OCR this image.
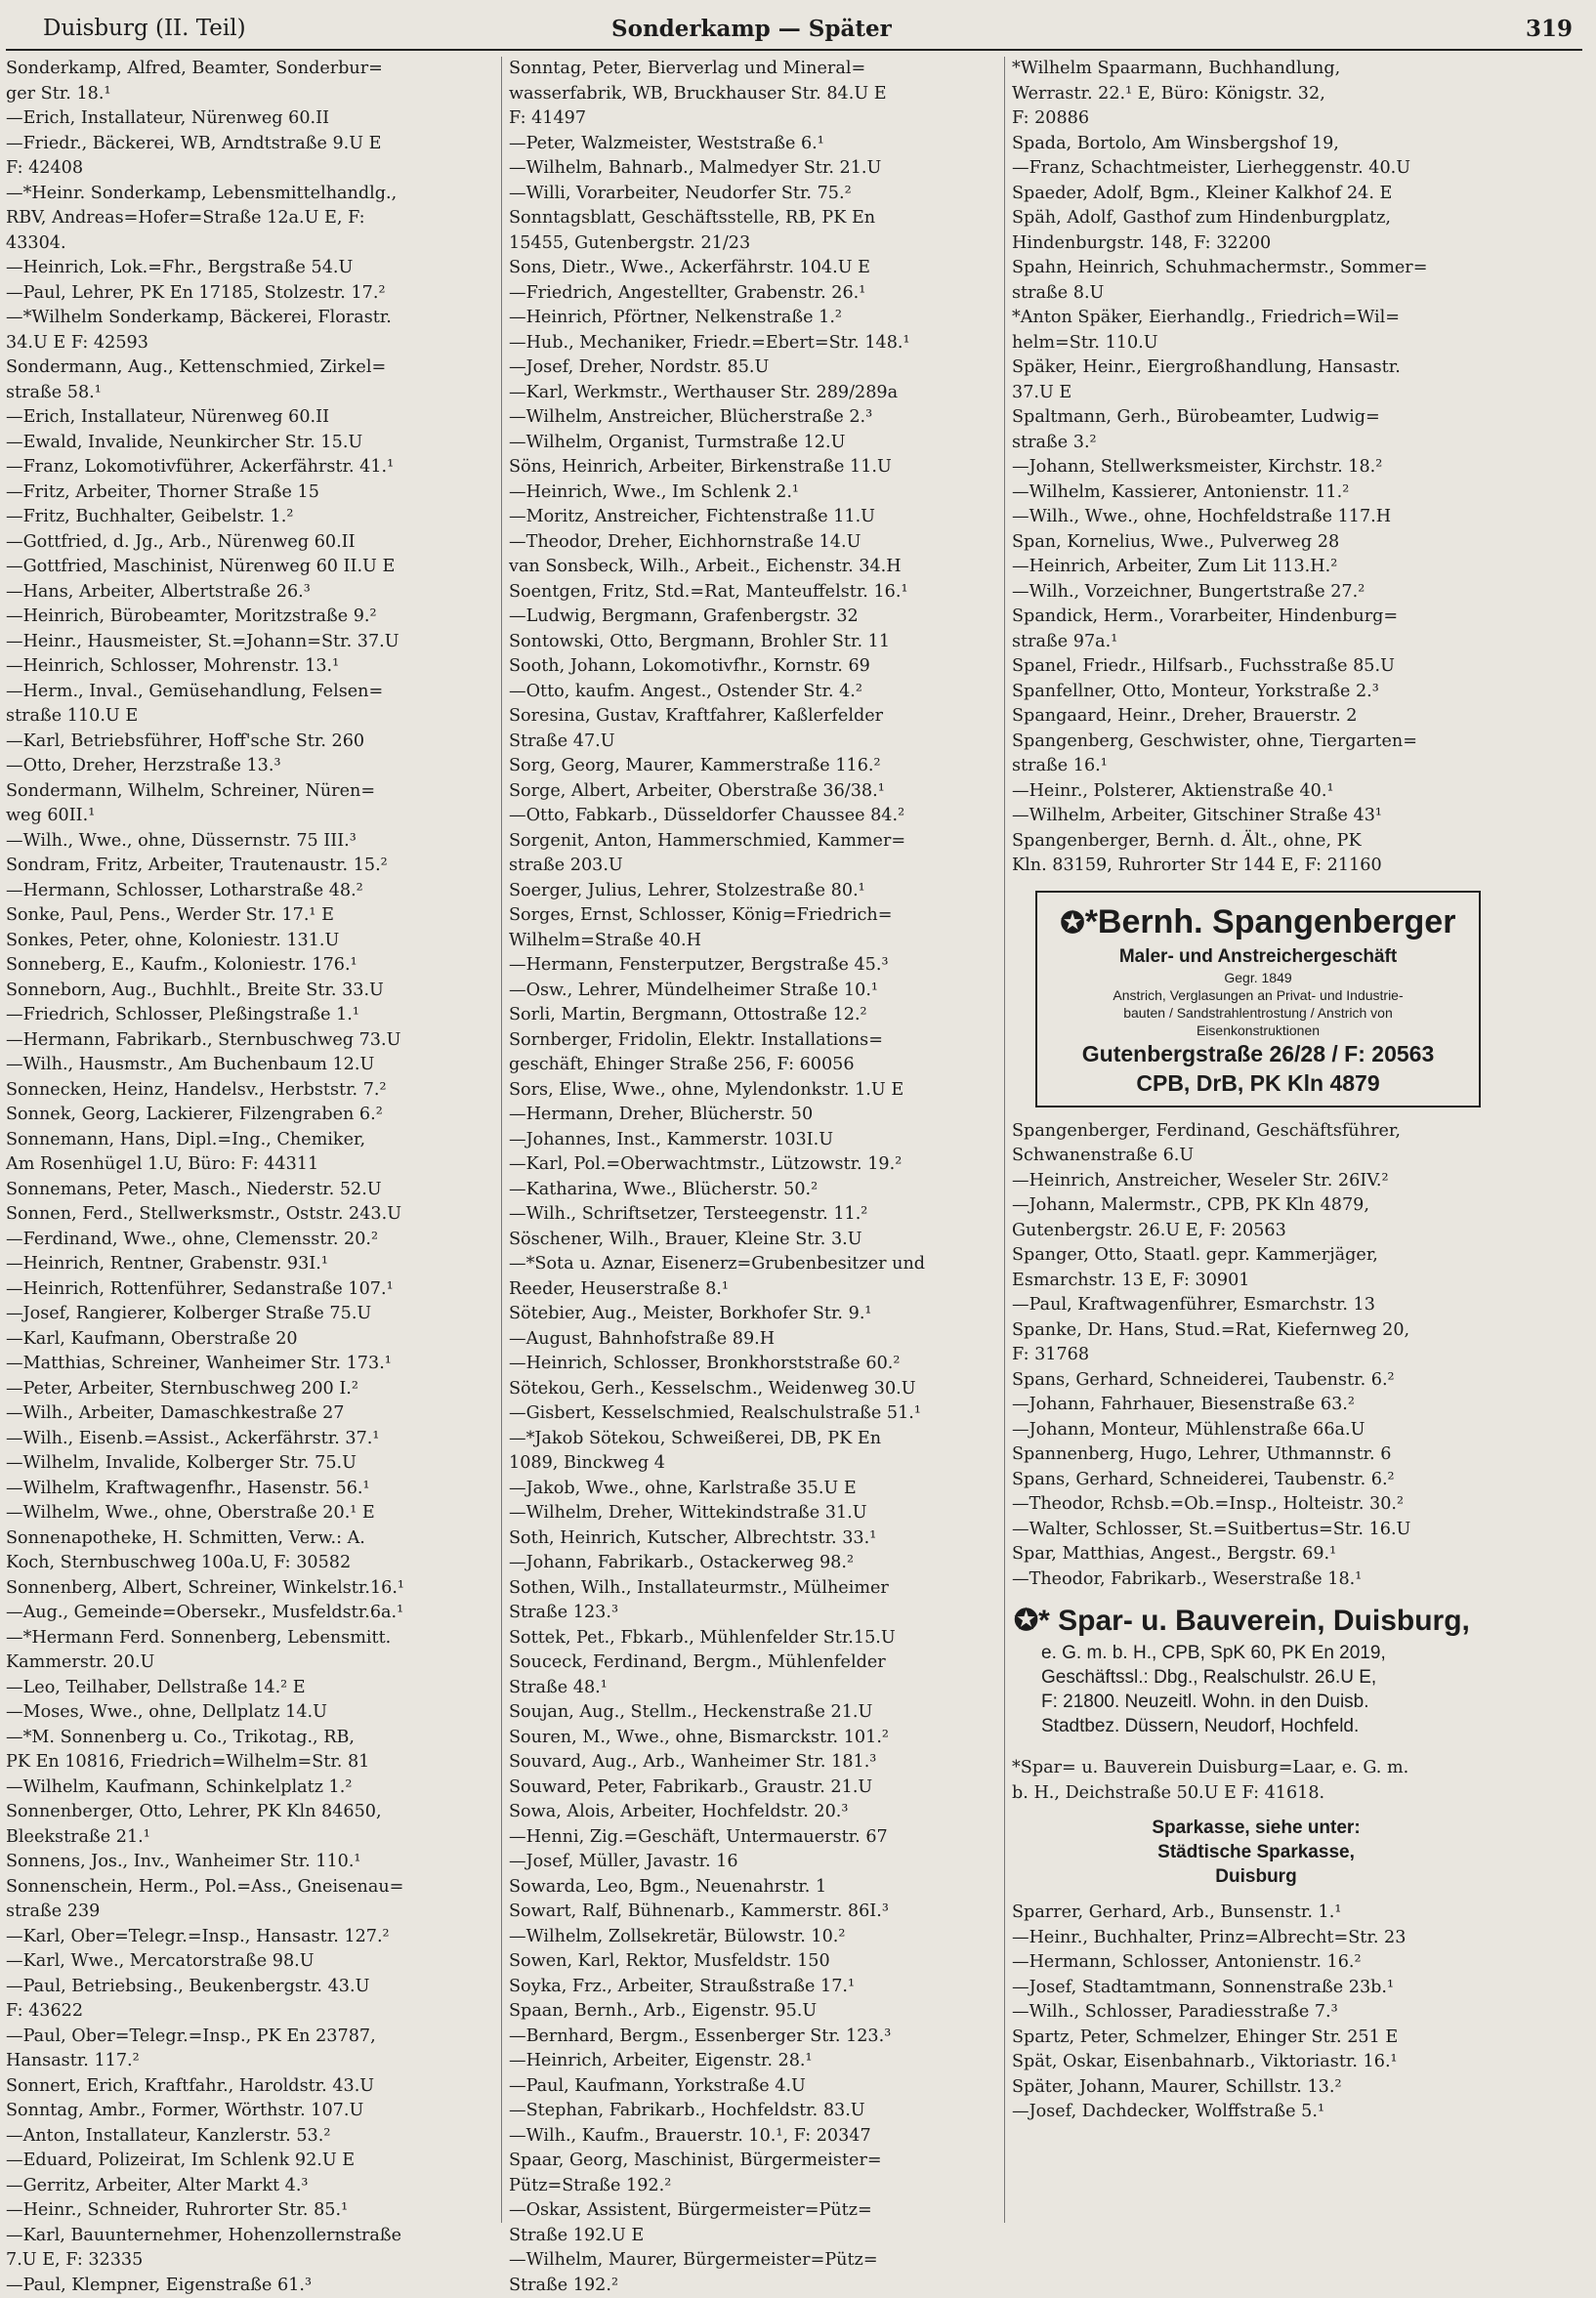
Duisburg (II. Teil)	Sonderkamp — Später	319
Sonderkamp, Alfred, Beamter, Sonderbur=
ger Str. 18.¹
—Erich, Installateur, Nürenweg 60.II
—Friedr., Bäckerei, WB, Arndtstraße 9.U E
F: 42408
—*Heinr. Sonderkamp, Lebensmittelhandlg.,
RBV, Andreas=Hofer=Straße 12a.U E, F:
43304.
—Heinrich, Lok.=Fhr., Bergstraße 54.U
—Paul, Lehrer, PK En 17185, Stolzestr. 17.²
—*Wilhelm Sonderkamp, Bäckerei, Florastr.
34.U E F: 42593
Sondermann, Aug., Kettenschmied, Zirkel=
straße 58.¹
—Erich, Installateur, Nürenweg 60.II
—Ewald, Invalide, Neunkircher Str. 15.U
—Franz, Lokomotivführer, Ackerfährstr. 41.¹
—Fritz, Arbeiter, Thorner Straße 15
—Fritz, Buchhalter, Geibelstr. 1.²
—Gottfried, d. Jg., Arb., Nürenweg 60.II
—Gottfried, Maschinist, Nürenweg 60 II.U E
—Hans, Arbeiter, Albertstraße 26.³
—Heinrich, Bürobeamter, Moritzstraße 9.²
—Heinr., Hausmeister, St.=Johann=Str. 37.U
—Heinrich, Schlosser, Mohrenstr. 13.¹
—Herm., Inval., Gemüsehandlung, Felsen=
straße 110.U E
—Karl, Betriebsführer, Hoff'sche Str. 260
—Otto, Dreher, Herzstraße 13.³
Sondermann, Wilhelm, Schreiner, Nüren=
weg 60II.¹
—Wilh., Wwe., ohne, Düssernstr. 75 III.³
Sondram, Fritz, Arbeiter, Trautenaustr. 15.²
—Hermann, Schlosser, Lotharstraße 48.²
Sonke, Paul, Pens., Werder Str. 17.¹ E
Sonkes, Peter, ohne, Koloniestr. 131.U
Sonneberg, E., Kaufm., Koloniestr. 176.¹
Sonneborn, Aug., Buchhlt., Breite Str. 33.U
—Friedrich, Schlosser, Pleßingstraße 1.¹
—Hermann, Fabrikarb., Sternbuschweg 73.U
—Wilh., Hausmstr., Am Buchenbaum 12.U
Sonnecken, Heinz, Handelsv., Herbststr. 7.²
Sonnek, Georg, Lackierer, Filzengraben 6.²
Sonnemann, Hans, Dipl.=Ing., Chemiker,
Am Rosenhügel 1.U, Büro: F: 44311
Sonnemans, Peter, Masch., Niederstr. 52.U
Sonnen, Ferd., Stellwerksmstr., Oststr. 243.U
—Ferdinand, Wwe., ohne, Clemensstr. 20.²
—Heinrich, Rentner, Grabenstr. 93I.¹
—Heinrich, Rottenführer, Sedanstraße 107.¹
—Josef, Rangierer, Kolberger Straße 75.U
—Karl, Kaufmann, Oberstraße 20
—Matthias, Schreiner, Wanheimer Str. 173.¹
—Peter, Arbeiter, Sternbuschweg 200 I.²
—Wilh., Arbeiter, Damaschkestraße 27
—Wilh., Eisenb.=Assist., Ackerfährstr. 37.¹
—Wilhelm, Invalide, Kolberger Str. 75.U
—Wilhelm, Kraftwagenfhr., Hasenstr. 56.¹
—Wilhelm, Wwe., ohne, Oberstraße 20.¹ E
Sonnenapotheke, H. Schmitten, Verw.: A.
Koch, Sternbuschweg 100a.U, F: 30582
Sonnenberg, Albert, Schreiner, Winkelstr.16.¹
—Aug., Gemeinde=Obersekr., Musfeldstr.6a.¹
—*Hermann Ferd. Sonnenberg, Lebensmitt.
Kammerstr. 20.U
—Leo, Teilhaber, Dellstraße 14.² E
—Moses, Wwe., ohne, Dellplatz 14.U
—*M. Sonnenberg u. Co., Trikotag., RB,
PK En 10816, Friedrich=Wilhelm=Str. 81
—Wilhelm, Kaufmann, Schinkelplatz 1.²
Sonnenberger, Otto, Lehrer, PK Kln 84650,
Bleekstraße 21.¹
Sonnens, Jos., Inv., Wanheimer Str. 110.¹
Sonnenschein, Herm., Pol.=Ass., Gneisenau=
straße 239
—Karl, Ober=Telegr.=Insp., Hansastr. 127.²
—Karl, Wwe., Mercatorstraße 98.U
—Paul, Betriebsing., Beukenbergstr. 43.U
F: 43622
—Paul, Ober=Telegr.=Insp., PK En 23787,
Hansastr. 117.²
Sonnert, Erich, Kraftfahr., Haroldstr. 43.U
Sonntag, Ambr., Former, Wörthstr. 107.U
—Anton, Installateur, Kanzlerstr. 53.²
—Eduard, Polizeirat, Im Schlenk 92.U E
—Gerritz, Arbeiter, Alter Markt 4.³
—Heinr., Schneider, Ruhrorter Str. 85.¹
—Karl, Bauunternehmer, Hohenzollernstraße
7.U E, F: 32335
—Paul, Klempner, Eigenstraße 61.³
Sonntag, Peter, Bierverlag und Mineral=
wasserfabrik, WB, Bruckhauser Str. 84.U E
F: 41497
—Peter, Walzmeister, Weststraße 6.¹
—Wilhelm, Bahnarb., Malmedyer Str. 21.U
—Willi, Vorarbeiter, Neudorfer Str. 75.²
Sonntagsblatt, Geschäftsstelle, RB, PK En
15455, Gutenbergstr. 21/23
Sons, Dietr., Wwe., Ackerfährstr. 104.U E
—Friedrich, Angestellter, Grabenstr. 26.¹
—Heinrich, Pförtner, Nelkenstraße 1.²
—Hub., Mechaniker, Friedr.=Ebert=Str. 148.¹
—Josef, Dreher, Nordstr. 85.U
—Karl, Werkmstr., Werthauser Str. 289/289a
—Wilhelm, Anstreicher, Blücherstraße 2.³
—Wilhelm, Organist, Turmstraße 12.U
Söns, Heinrich, Arbeiter, Birkenstraße 11.U
—Heinrich, Wwe., Im Schlenk 2.¹
—Moritz, Anstreicher, Fichtenstraße 11.U
—Theodor, Dreher, Eichhornstraße 14.U
van Sonsbeck, Wilh., Arbeit., Eichenstr. 34.H
Soentgen, Fritz, Std.=Rat, Manteuffelstr. 16.¹
—Ludwig, Bergmann, Grafenbergstr. 32
Sontowski, Otto, Bergmann, Brohler Str. 11
Sooth, Johann, Lokomotivfhr., Kornstr. 69
—Otto, kaufm. Angest., Ostender Str. 4.²
Soresina, Gustav, Kraftfahrer, Kaßlerfelder
Straße 47.U
Sorg, Georg, Maurer, Kammerstraße 116.²
Sorge, Albert, Arbeiter, Oberstraße 36/38.¹
—Otto, Fabkarb., Düsseldorfer Chaussee 84.²
Sorgenit, Anton, Hammerschmied, Kammer=
straße 203.U
Soerger, Julius, Lehrer, Stolzestraße 80.¹
Sorges, Ernst, Schlosser, König=Friedrich=
Wilhelm=Straße 40.H
—Hermann, Fensterputzer, Bergstraße 45.³
—Osw., Lehrer, Mündelheimer Straße 10.¹
Sorli, Martin, Bergmann, Ottostraße 12.²
Sornberger, Fridolin, Elektr. Installations=
geschäft, Ehinger Straße 256, F: 60056
Sors, Elise, Wwe., ohne, Mylendonkstr. 1.U E
—Hermann, Dreher, Blücherstr. 50
—Johannes, Inst., Kammerstr. 103I.U
—Karl, Pol.=Oberwachtmstr., Lützowstr. 19.²
—Katharina, Wwe., Blücherstr. 50.²
—Wilh., Schriftsetzer, Tersteegenstr. 11.²
Söschener, Wilh., Brauer, Kleine Str. 3.U
—*Sota u. Aznar, Eisenerz=Grubenbesitzer und
Reeder, Heuserstraße 8.¹
Sötebier, Aug., Meister, Borkhofer Str. 9.¹
—August, Bahnhofstraße 89.H
—Heinrich, Schlosser, Bronkhorststraße 60.²
Sötekou, Gerh., Kesselschm., Weidenweg 30.U
—Gisbert, Kesselschmied, Realschulstraße 51.¹
—*Jakob Sötekou, Schweißerei, DB, PK En
1089, Binckweg 4
—Jakob, Wwe., ohne, Karlstraße 35.U E
—Wilhelm, Dreher, Wittekindstraße 31.U
Soth, Heinrich, Kutscher, Albrechtstr. 33.¹
—Johann, Fabrikarb., Ostackerweg 98.²
Sothen, Wilh., Installateurmstr., Mülheimer
Straße 123.³
Sottek, Pet., Fbkarb., Mühlenfelder Str.15.U
Souceck, Ferdinand, Bergm., Mühlenfelder
Straße 48.¹
Soujan, Aug., Stellm., Heckenstraße 21.U
Souren, M., Wwe., ohne, Bismarckstr. 101.²
Souvard, Aug., Arb., Wanheimer Str. 181.³
Souward, Peter, Fabrikarb., Graustr. 21.U
Sowa, Alois, Arbeiter, Hochfeldstr. 20.³
—Henni, Zig.=Geschäft, Untermauerstr. 67
—Josef, Müller, Javastr. 16
Sowarda, Leo, Bgm., Neuenahrstr. 1
Sowart, Ralf, Bühnenarb., Kammerstr. 86I.³
—Wilhelm, Zollsekretär, Bülowstr. 10.²
Sowen, Karl, Rektor, Musfeldstr. 150
Soyka, Frz., Arbeiter, Straußstraße 17.¹
Spaan, Bernh., Arb., Eigenstr. 95.U
—Bernhard, Bergm., Essenberger Str. 123.³
—Heinrich, Arbeiter, Eigenstr. 28.¹
—Paul, Kaufmann, Yorkstraße 4.U
—Stephan, Fabrikarb., Hochfeldstr. 83.U
—Wilh., Kaufm., Brauerstr. 10.¹, F: 20347
Spaar, Georg, Maschinist, Bürgermeister=
Pütz=Straße 192.²
—Oskar, Assistent, Bürgermeister=Pütz=
Straße 192.U E
—Wilhelm, Maurer, Bürgermeister=Pütz=
Straße 192.²
*Wilhelm Spaarmann, Buchhandlung,
Werrastr. 22.¹ E, Büro: Königstr. 32,
F: 20886
Spada, Bortolo, Am Winsbergshof 19,
—Franz, Schachtmeister, Lierheggenstr. 40.U
Spaeder, Adolf, Bgm., Kleiner Kalkhof 24. E
Späh, Adolf, Gasthof zum Hindenburgplatz,
Hindenburgstr. 148, F: 32200
Spahn, Heinrich, Schuhmachermstr., Sommer=
straße 8.U
*Anton Späker, Eierhandlg., Friedrich=Wil=
helm=Str. 110.U
Späker, Heinr., Eiergroßhandlung, Hansastr.
37.U E
Spaltmann, Gerh., Bürobeamter, Ludwig=
straße 3.²
—Johann, Stellwerksmeister, Kirchstr. 18.²
—Wilhelm, Kassierer, Antonienstr. 11.²
—Wilh., Wwe., ohne, Hochfeldstraße 117.H
Span, Kornelius, Wwe., Pulverweg 28
—Heinrich, Arbeiter, Zum Lit 113.H.²
—Wilh., Vorzeichner, Bungertstraße 27.²
Spandick, Herm., Vorarbeiter, Hindenburg=
straße 97a.¹
Spanel, Friedr., Hilfsarb., Fuchsstraße 85.U
Spanfellner, Otto, Monteur, Yorkstraße 2.³
Spangaard, Heinr., Dreher, Brauerstr. 2
Spangenberg, Geschwister, ohne, Tiergarten=
straße 16.¹
—Heinr., Polsterer, Aktienstraße 40.¹
—Wilhelm, Arbeiter, Gitschiner Straße 43¹
Spangenberger, Bernh. d. Ält., ohne, PK
Kln. 83159, Ruhrorter Str 144 E, F: 21160
✪*Bernh. Spangenberger
Maler- und Anstreichergeschäft
Gegr. 1849
Anstrich, Verglasungen an Privat- und Industrie-
bauten / Sandstrahlentrostung / Anstrich von
Eisenkonstruktionen
Gutenbergstraße 26/28 / F: 20563
CPB, DrB, PK Kln 4879
Spangenberger, Ferdinand, Geschäftsführer,
Schwanenstraße 6.U
—Heinrich, Anstreicher, Weseler Str. 26IV.²
—Johann, Malermstr., CPB, PK Kln 4879,
Gutenbergstr. 26.U E, F: 20563
Spanger, Otto, Staatl. gepr. Kammerjäger,
Esmarchstr. 13 E, F: 30901
—Paul, Kraftwagenführer, Esmarchstr. 13
Spanke, Dr. Hans, Stud.=Rat, Kiefernweg 20,
F: 31768
Spans, Gerhard, Schneiderei, Taubenstr. 6.²
—Johann, Fahrhauer, Biesenstraße 63.²
—Johann, Monteur, Mühlenstraße 66a.U
Spannenberg, Hugo, Lehrer, Uthmannstr. 6
Spans, Gerhard, Schneiderei, Taubenstr. 6.²
—Theodor, Rchsb.=Ob.=Insp., Holteistr. 30.²
—Walter, Schlosser, St.=Suitbertus=Str. 16.U
Spar, Matthias, Angest., Bergstr. 69.¹
—Theodor, Fabrikarb., Weserstraße 18.¹
✪* Spar- u. Bauverein, Duisburg,
e. G. m. b. H., CPB, SpK 60, PK En 2019,
Geschäftssl.: Dbg., Realschulstr. 26.U E,
F: 21800. Neuzeitl. Wohn. in den Duisb.
Stadtbez. Düssern, Neudorf, Hochfeld.
*Spar= u. Bauverein Duisburg=Laar, e. G. m.
b. H., Deichstraße 50.U E F: 41618.
Sparkasse, siehe unter:
Städtische Sparkasse,
Duisburg
Sparrer, Gerhard, Arb., Bunsenstr. 1.¹
—Heinr., Buchhalter, Prinz=Albrecht=Str. 23
—Hermann, Schlosser, Antonienstr. 16.²
—Josef, Stadtamtmann, Sonnenstraße 23b.¹
—Wilh., Schlosser, Paradiesstraße 7.³
Spartz, Peter, Schmelzer, Ehinger Str. 251 E
Spät, Oskar, Eisenbahnarb., Viktoriastr. 16.¹
Später, Johann, Maurer, Schillstr. 13.²
—Josef, Dachdecker, Wolffstraße 5.¹
